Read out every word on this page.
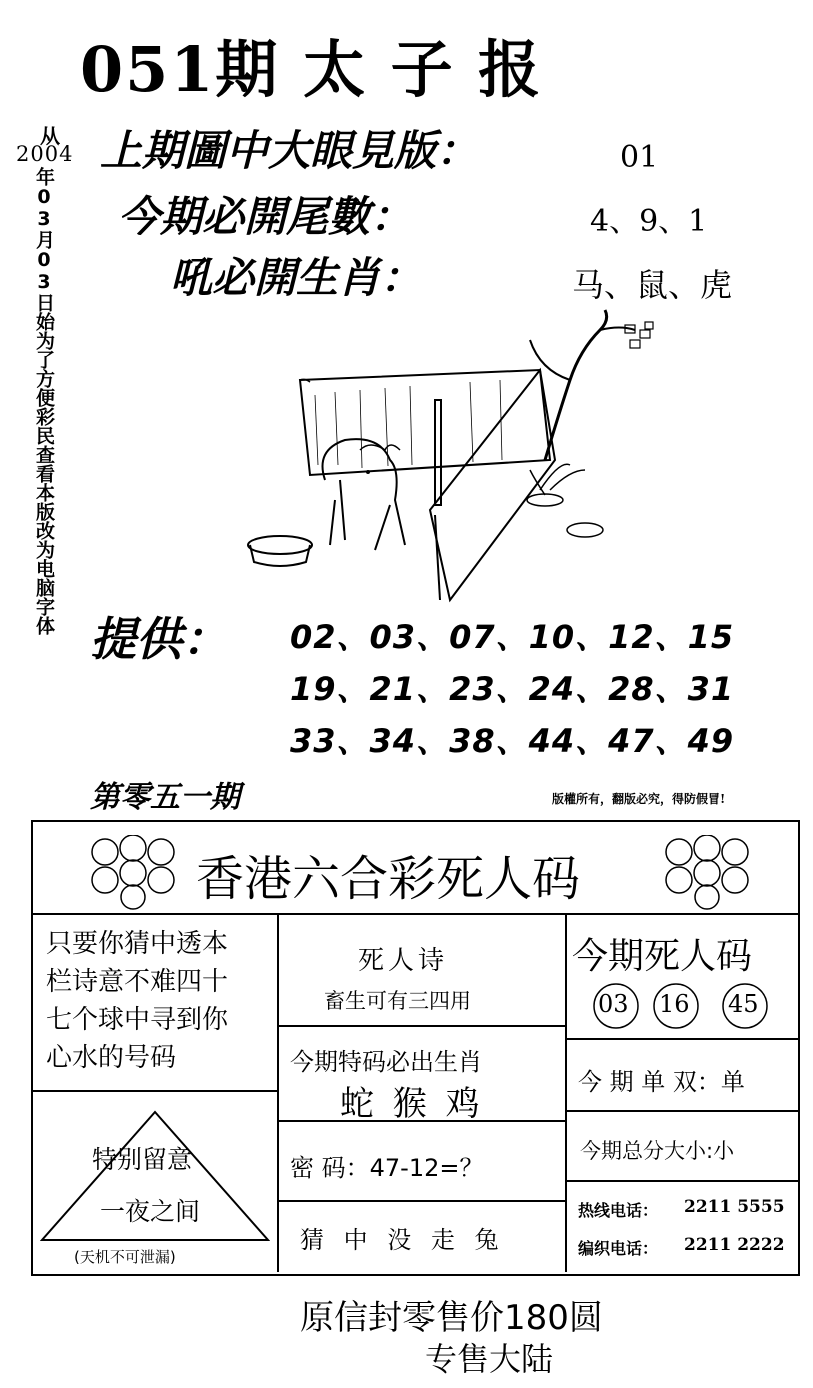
051期 太 子 报
从
2004
年03月03日始为了方便彩民查看本版改为电脑字体
上期圖中大眼見版：	01
今期必開尾數：	4、9、1
吼必開生肖：	马、鼠、虎
提供： 02、03、07、10、12、15
19、21、23、24、28、31
33、34、38、44、47、49
第零五一期	版權所有，翻版必究，得防假冒!
香港六合彩死人码
只要你猜中透本
栏诗意不难四十
七个球中寻到你
心水的号码
特别留意
一夜之间
(天机不可泄漏)
死人诗
畜生可有三四用
今期特码必出生肖
蛇 猴 鸡
密 码：47-12=？
猜 中 没 走 兔
今期死人码
03 16 45
今 期 单 双：单
今期总分大小:小
热线电话： 2211 5555
编织电话： 2211 2222
原信封零售价180圆
专售大陆
